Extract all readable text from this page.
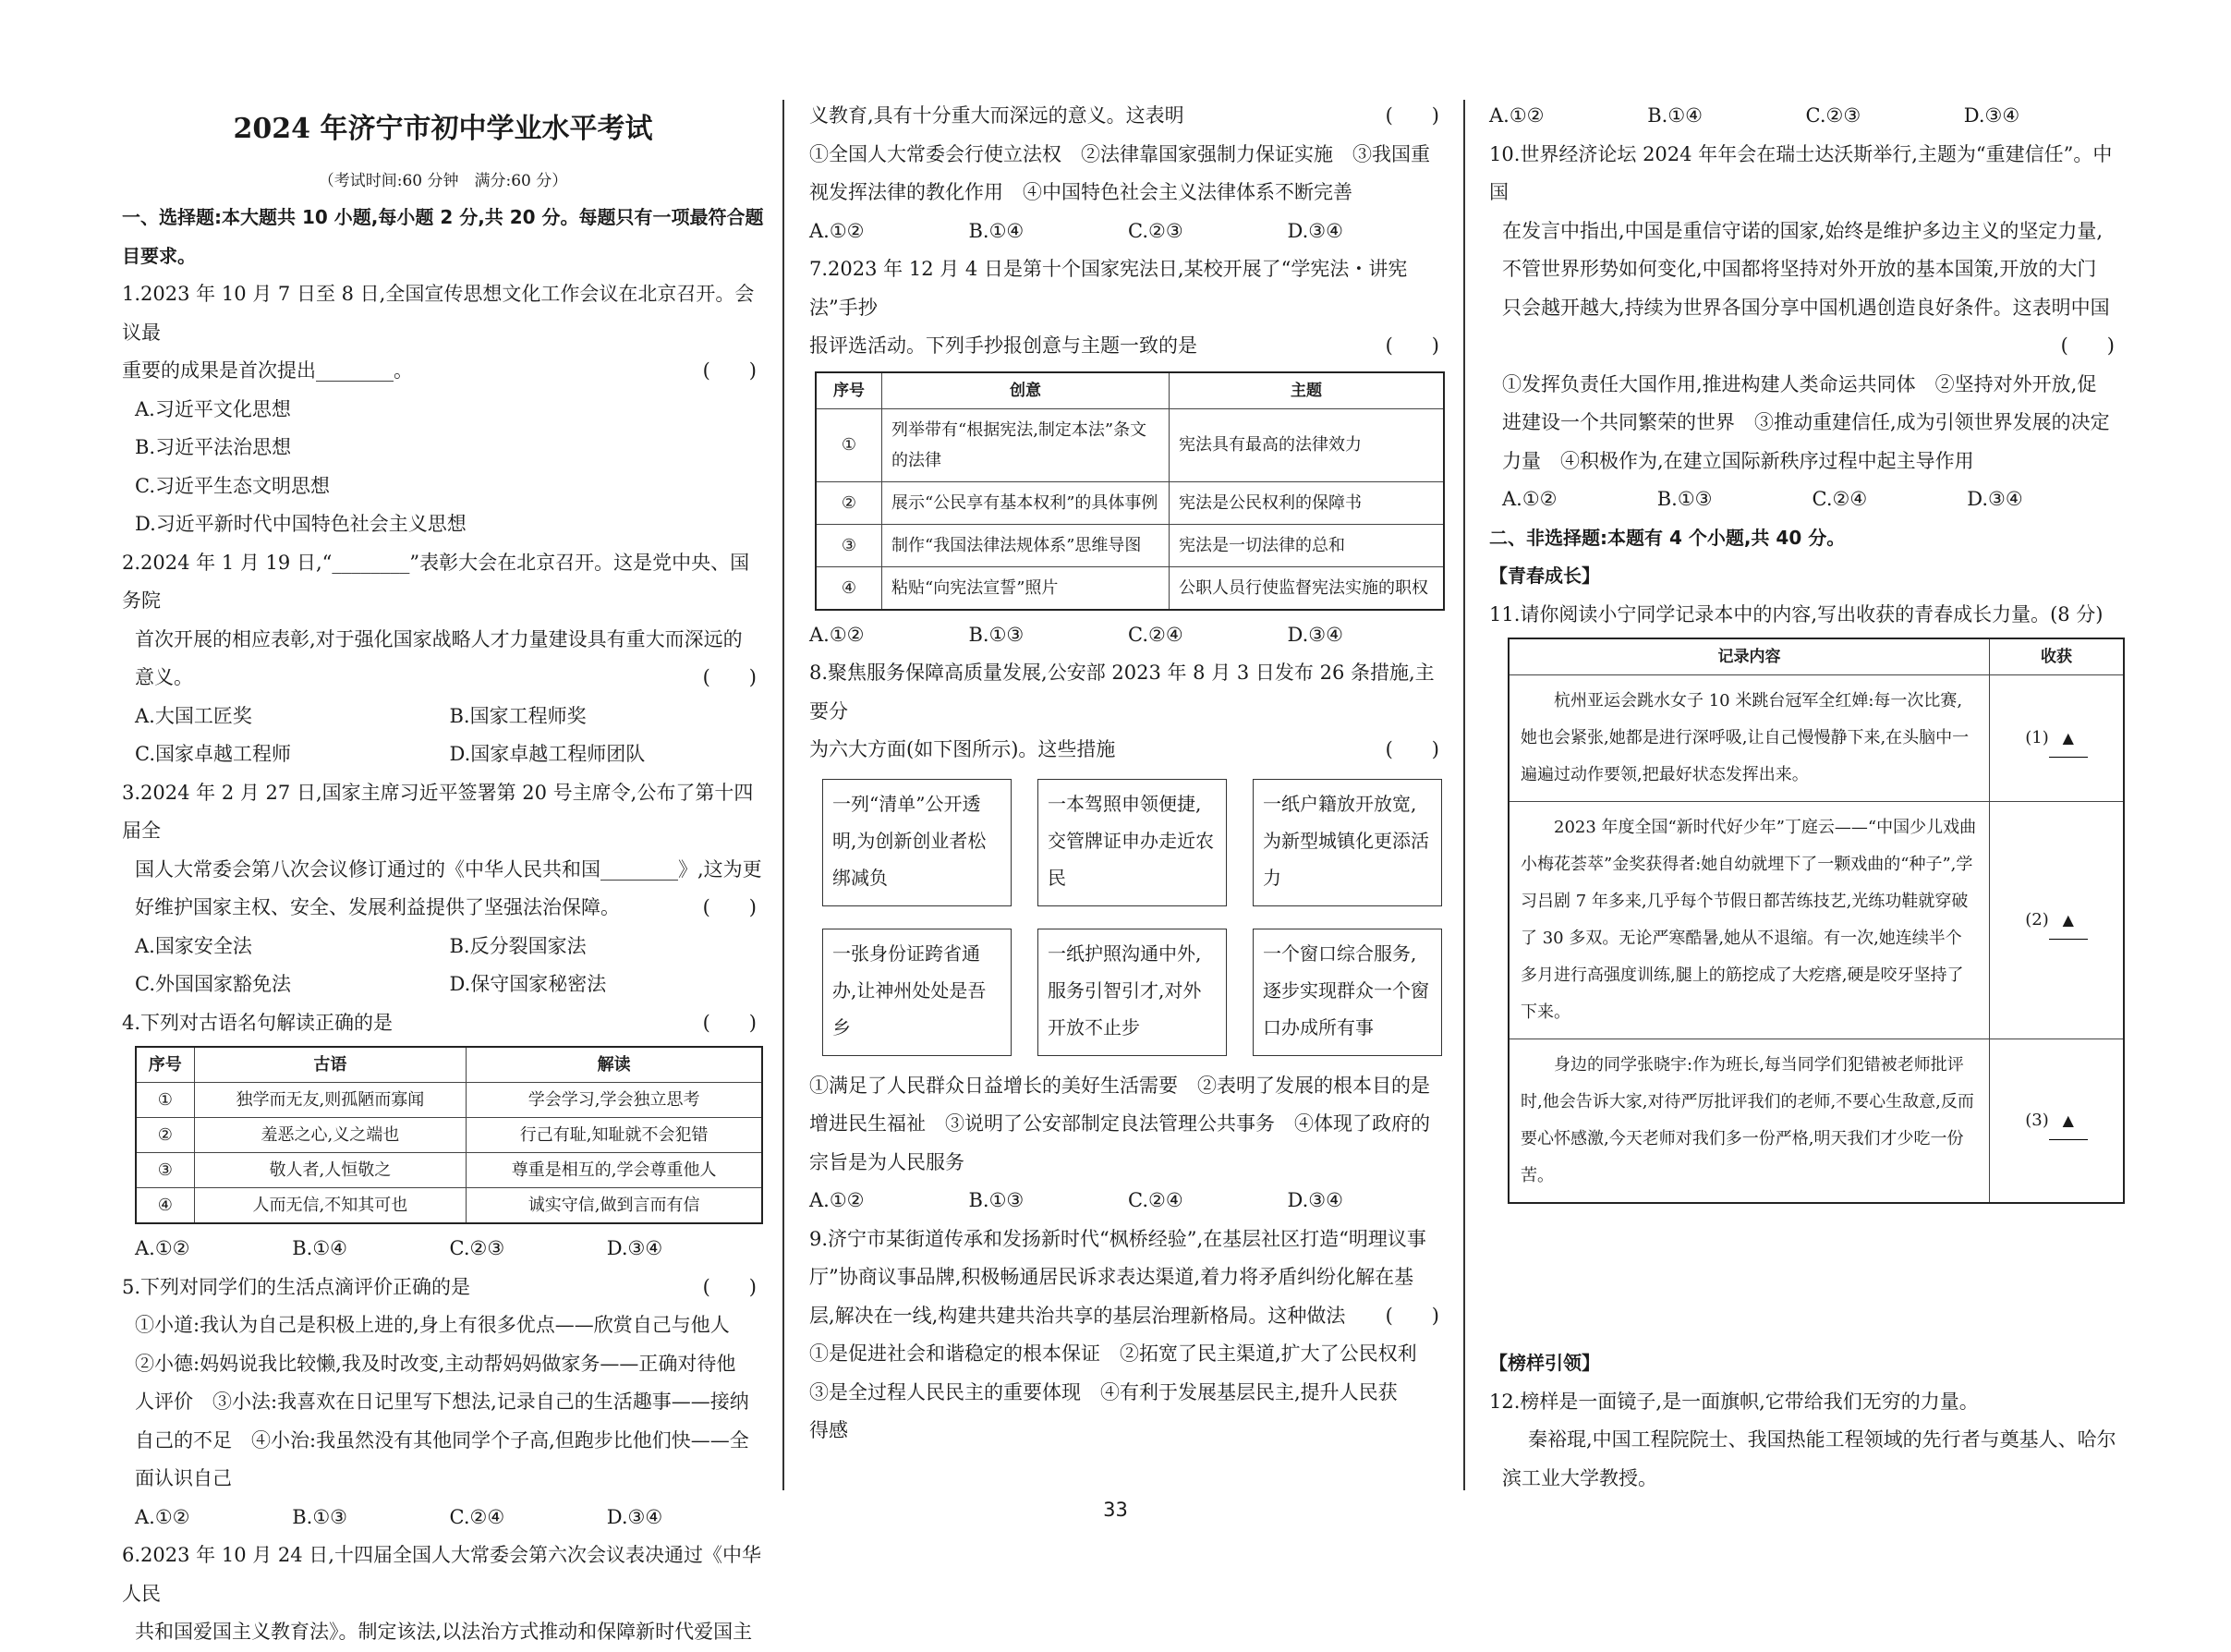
2024 年济宁市初中学业水平考试
（考试时间:60 分钟　满分:60 分）
一、选择题:本大题共 10 小题,每小题 2 分,共 20 分。每题只有一项最符合题目要求。
1.2023 年 10 月 7 日至 8 日,全国宣传思想文化工作会议在北京召开。会议最
重要的成果是首次提出________。	(　　)
A.习近平文化思想
B.习近平法治思想
C.习近平生态文明思想
D.习近平新时代中国特色社会主义思想
2.2024 年 1 月 19 日,“________”表彰大会在北京召开。这是党中央、国务院
首次开展的相应表彰,对于强化国家战略人才力量建设具有重大而深远的
意义。	(　　)
A.大国工匠奖	B.国家工程师奖
C.国家卓越工程师	D.国家卓越工程师团队
3.2024 年 2 月 27 日,国家主席习近平签署第 20 号主席令,公布了第十四届全
国人大常委会第八次会议修订通过的《中华人民共和国________》,这为更
好维护国家主权、安全、发展利益提供了坚强法治保障。	(　　)
A.国家安全法	B.反分裂国家法
C.外国国家豁免法	D.保守国家秘密法
4.下列对古语名句解读正确的是	(　　)
序号	古语	解读
①	独学而无友,则孤陋而寡闻	学会学习,学会独立思考
②	羞恶之心,义之端也	行己有耻,知耻就不会犯错
③	敬人者,人恒敬之	尊重是相互的,学会尊重他人
④	人而无信,不知其可也	诚实守信,做到言而有信
A.①②	B.①④	C.②③	D.③④
5.下列对同学们的生活点滴评价正确的是	(　　)
①小道:我认为自己是积极上进的,身上有很多优点——欣赏自己与他人
②小德:妈妈说我比较懒,我及时改变,主动帮妈妈做家务——正确对待他
人评价　③小法:我喜欢在日记里写下想法,记录自己的生活趣事——接纳
自己的不足　④小治:我虽然没有其他同学个子高,但跑步比他们快——全
面认识自己
A.①②	B.①③	C.②④	D.③④
6.2023 年 10 月 24 日,十四届全国人大常委会第六次会议表决通过《中华人民
共和国爱国主义教育法》。制定该法,以法治方式推动和保障新时代爱国主
义教育,具有十分重大而深远的意义。这表明	(　　)
①全国人大常委会行使立法权　②法律靠国家强制力保证实施　③我国重
视发挥法律的教化作用　④中国特色社会主义法律体系不断完善
A.①②	B.①④	C.②③	D.③④
7.2023 年 12 月 4 日是第十个国家宪法日,某校开展了“学宪法・讲宪法”手抄
报评选活动。下列手抄报创意与主题一致的是	(　　)
序号	创意	主题
①	列举带有“根据宪法,制定本法”条文的法律	宪法具有最高的法律效力
②	展示“公民享有基本权利”的具体事例	宪法是公民权利的保障书
③	制作“我国法律法规体系”思维导图	宪法是一切法律的总和
④	粘贴“向宪法宣誓”照片	公职人员行使监督宪法实施的职权
A.①②	B.①③	C.②④	D.③④
8.聚焦服务保障高质量发展,公安部 2023 年 8 月 3 日发布 26 条措施,主要分
为六大方面(如下图所示)。这些措施	(　　)
一列“清单”公开透明,为创新创业者松绑减负
一本驾照申领便捷,交管牌证申办走近农民
一纸户籍放开放宽,为新型城镇化更添活力
一张身份证跨省通办,让神州处处是吾乡
一纸护照沟通中外,服务引智引才,对外开放不止步
一个窗口综合服务,逐步实现群众一个窗口办成所有事
①满足了人民群众日益增长的美好生活需要　②表明了发展的根本目的是
增进民生福祉　③说明了公安部制定良法管理公共事务　④体现了政府的
宗旨是为人民服务
A.①②	B.①③	C.②④	D.③④
9.济宁市某街道传承和发扬新时代“枫桥经验”,在基层社区打造“明理议事
厅”协商议事品牌,积极畅通居民诉求表达渠道,着力将矛盾纠纷化解在基
层,解决在一线,构建共建共治共享的基层治理新格局。这种做法 (　　)
①是促进社会和谐稳定的根本保证　②拓宽了民主渠道,扩大了公民权利
③是全过程人民民主的重要体现　④有利于发展基层民主,提升人民获
得感
A.①②	B.①④	C.②③	D.③④
10.世界经济论坛 2024 年年会在瑞士达沃斯举行,主题为“重建信任”。中国
在发言中指出,中国是重信守诺的国家,始终是维护多边主义的坚定力量,
不管世界形势如何变化,中国都将坚持对外开放的基本国策,开放的大门
只会越开越大,持续为世界各国分享中国机遇创造良好条件。这表明中国
(　　)
①发挥负责任大国作用,推进构建人类命运共同体　②坚持对外开放,促
进建设一个共同繁荣的世界　③推动重建信任,成为引领世界发展的决定
力量　④积极作为,在建立国际新秩序过程中起主导作用
A.①②	B.①③	C.②④	D.③④
二、非选择题:本题有 4 个小题,共 40 分。
【青春成长】
11.请你阅读小宁同学记录本中的内容,写出收获的青春成长力量。(8 分)
记录内容	收获
　　杭州亚运会跳水女子 10 米跳台冠军全红婵:每一次比赛,她也会紧张,她都是进行深呼吸,让自己慢慢静下来,在头脑中一遍遍过动作要领,把最好状态发挥出来。	(1) ▲
　　2023 年度全国“新时代好少年”丁庭云——“中国少儿戏曲小梅花荟萃”金奖获得者:她自幼就埋下了一颗戏曲的“种子”,学习吕剧 7 年多来,几乎每个节假日都苦练技艺,光练功鞋就穿破了 30 多双。无论严寒酷暑,她从不退缩。有一次,她连续半个多月进行高强度训练,腿上的筋挖成了大疙瘩,硬是咬牙坚持了下来。	(2) ▲
　　身边的同学张晓宇:作为班长,每当同学们犯错被老师批评时,他会告诉大家,对待严厉批评我们的老师,不要心生敌意,反而要心怀感激,今天老师对我们多一份严格,明天我们才少吃一份苦。	(3) ▲
【榜样引领】
12.榜样是一面镜子,是一面旗帜,它带给我们无穷的力量。
秦裕琨,中国工程院院士、我国热能工程领域的先行者与奠基人、哈尔
滨工业大学教授。
33
